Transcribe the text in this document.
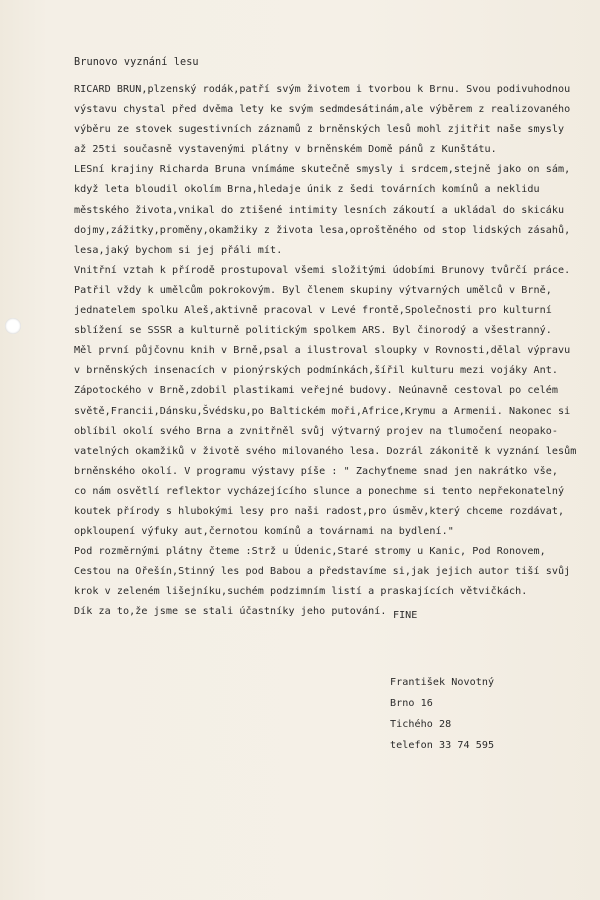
Brunovo vyznání lesu
RICARD BRUN,plzenský rodák,patří svým životem i tvorbou k Brnu. Svou podivuhodnou
výstavu chystal před dvěma lety ke svým sedmdesátinám,ale výběrem z realizovaného
výběru ze stovek sugestivních záznamů z brněnských lesů mohl zjitřit naše smysly
až 25ti současně vystavenými plátny v brněnském Domě pánů z Kunštátu.
LESní krajiny Richarda Bruna vnímáme skutečně smysly i srdcem,stejně jako on sám,
když leta bloudil okolím Brna,hledaje únik z šedi továrních komínů a neklidu
městského života,vnikal do ztišené intimity lesních zákoutí a ukládal do skicáku
dojmy,zážitky,proměny,okamžiky z života lesa,oproštěného od stop lidských zásahů,
lesa,jaký bychom si jej přáli mít.
Vnitřní vztah k přírodě prostupoval všemi složitými údobími Brunovy tvůrčí práce.
Patřil vždy k umělcům pokrokovým. Byl členem skupiny výtvarných umělců v Brně,
jednatelem spolku Aleš,aktivně pracoval v Levé frontě,Společnosti pro kulturní
sblížení se SSSR a kulturně politickým spolkem ARS. Byl činorodý a všestranný.
Měl první půjčovnu knih v Brně,psal a ilustroval sloupky v Rovnosti,dělal výpravu
v brněnských insenacích v pionýrských podmínkách,šířil kulturu mezi vojáky Ant.
Zápotockého v Brně,zdobil plastikami veřejné budovy. Neúnavně cestoval po celém
světě,Francii,Dánsku,Švédsku,po Baltickém moři,Africe,Krymu a Armenii. Nakonec si
oblíbil okolí svého Brna a zvnitřněl svůj výtvarný projev na tlumočení neopako-
vatelných okamžiků v životě svého milovaného lesa. Dozrál zákonitě k vyznání lesům
brněnského okolí. V programu výstavy píše : " Zachyťneme snad jen nakrátko vše,
co nám osvětlí reflektor vycházejícího slunce a ponechme si tento nepřekonatelný
koutek přírody s hlubokými lesy pro naši radost,pro úsměv,který chceme rozdávat,
opkloupení výfuky aut,černotou komínů a továrnami na bydlení."
Pod rozměrnými plátny čteme :Strž u Údenic,Staré stromy u Kanic, Pod Ronovem,
Cestou na Ořešín,Stinný les pod Babou a představíme si,jak jejich autor tiší svůj
krok v zeleném lišejníku,suchém podzimním listí a praskajících větvičkách.
Dík za to,že jsme se stali účastníky jeho putování. FINE
František Novotný
Brno 16
Tichého 28
telefon 33 74 595
